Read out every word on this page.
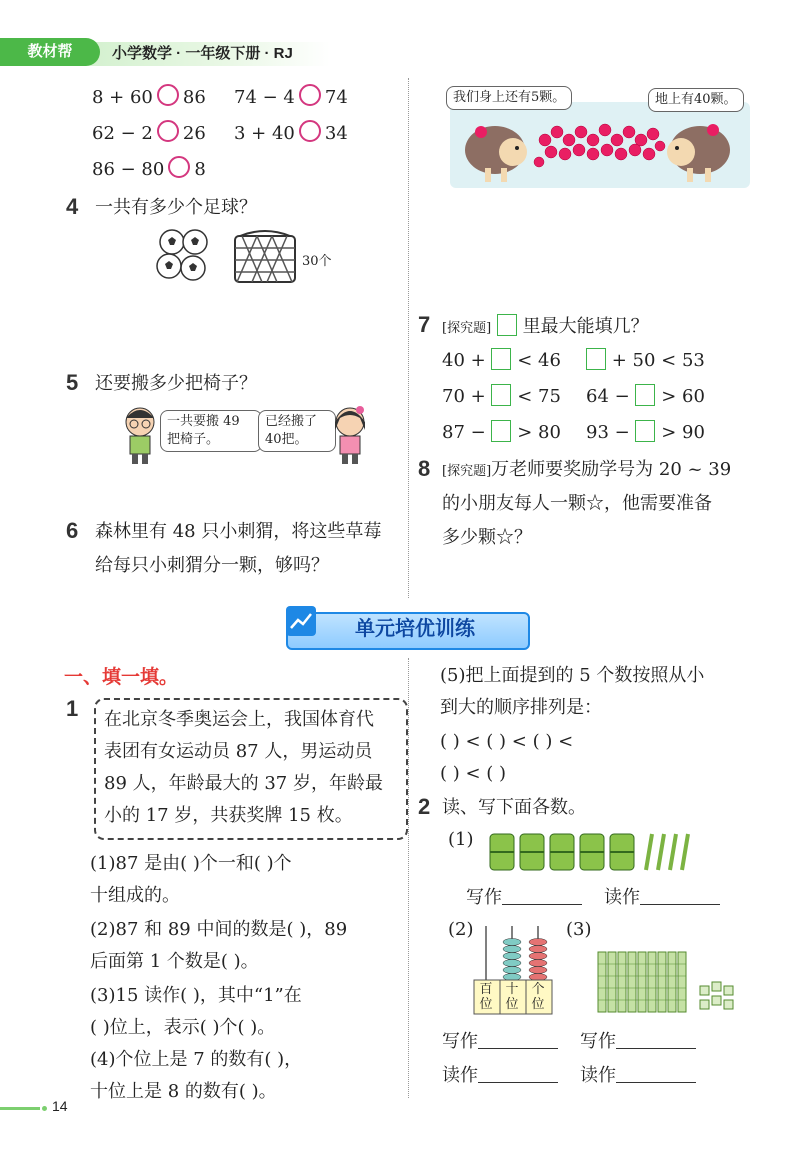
教材帮	小学数学 · 一年级下册 · RJ
8 + 60 86 74 − 4 74
62 − 2 26 3 + 40 34
86 − 80 8
4 一共有多少个足球？
30个
5 还要搬多少把椅子？
一共要搬 49 把椅子。
已经搬了 40把。
6 森林里有 48 只小刺猬，将这些草莓
给每只小刺猬分一颗，够吗？
我们身上还有5颗。	地上有40颗。
7 [探究题] 里最大能填几？
40 + < 46	+ 50 < 53
70 + < 75 64 − > 60
87 − > 80 93 − > 90
8 [探究题]万老师要奖励学号为 20 ~ 39
的小朋友每人一颗☆，他需要准备
多少颗☆？
单元培优训练
一、填一填。
1 在北京冬季奥运会上，我国体育代
表团有女运动员 87 人，男运动员
89 人，年龄最大的 37 岁，年龄最
小的 17 岁，共获奖牌 15 枚。
(1)87 是由( )个一和( )个
十组成的。
(2)87 和 89 中间的数是( )，89
后面第 1 个数是( )。
(3)15 读作( )，其中“1”在
( )位上，表示( )个( )。
(4)个位上是 7 的数有( )，
十位上是 8 的数有( )。
(5)把上面提到的 5 个数按照从小
到大的顺序排列是：
( ) < ( ) < ( ) <
( ) < ( )
2 读、写下面各数。
(1)
写作	读作
(2)	(3)
百位
十位
个位
写作	写作
读作	读作
14
